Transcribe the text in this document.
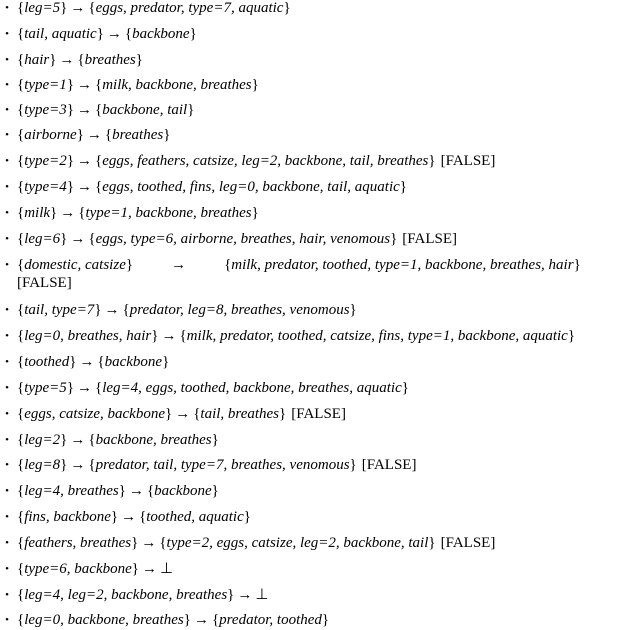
• {leg=5} → {eggs, predator, type=7, aquatic}
• {tail, aquatic} → {backbone}
• {hair} → {breathes}
• {type=1} → {milk, backbone, breathes}
• {type=3} → {backbone, tail}
• {airborne} → {breathes}
• {type=2} → {eggs, feathers, catsize, leg=2, backbone, tail, breathes} [FALSE]
• {type=4} → {eggs, toothed, fins, leg=0, backbone, tail, aquatic}
• {milk} → {type=1, backbone, breathes}
• {leg=6} → {eggs, type=6, airborne, breathes, hair, venomous} [FALSE]
• {domestic, catsize}	→	{milk, predator, toothed, type=1, backbone, breathes, hair}
[FALSE]
• {tail, type=7} → {predator, leg=8, breathes, venomous}
• {leg=0, breathes, hair} → {milk, predator, toothed, catsize, fins, type=1, backbone, aquatic}
• {toothed} → {backbone}
• {type=5} → {leg=4, eggs, toothed, backbone, breathes, aquatic}
• {eggs, catsize, backbone} → {tail, breathes} [FALSE]
• {leg=2} → {backbone, breathes}
• {leg=8} → {predator, tail, type=7, breathes, venomous} [FALSE]
• {leg=4, breathes} → {backbone}
• {fins, backbone} → {toothed, aquatic}
• {feathers, breathes} → {type=2, eggs, catsize, leg=2, backbone, tail} [FALSE]
• {type=6, backbone} → ⊥
• {leg=4, leg=2, backbone, breathes} → ⊥
• {leg=0, backbone, breathes} → {predator, toothed}
